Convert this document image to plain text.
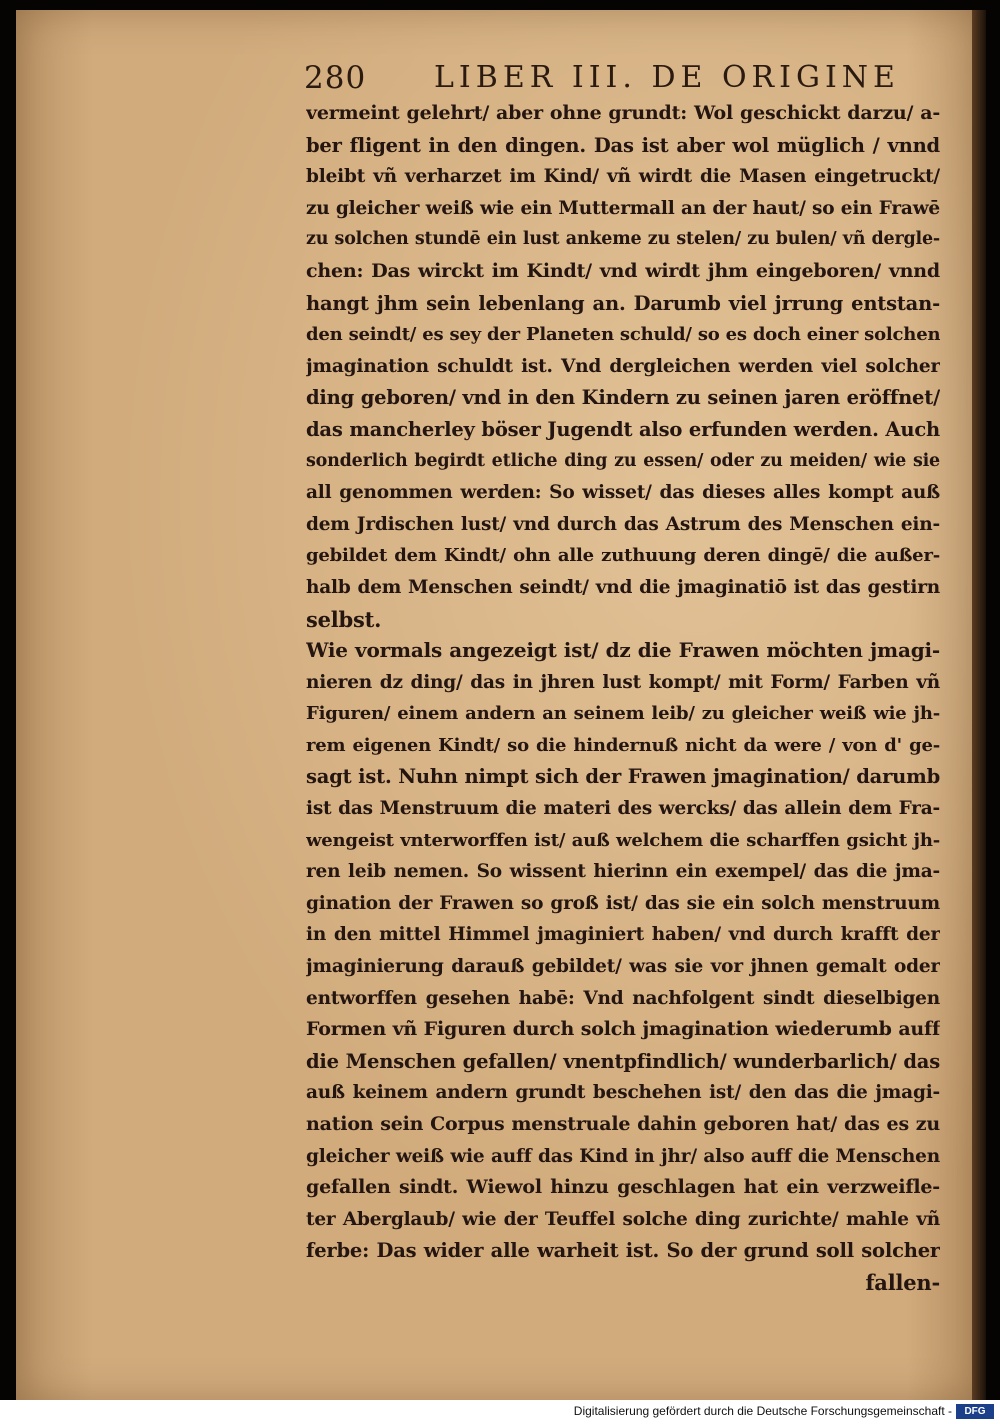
280 LIBER III. DE ORIGINE
vermeint gelehrt/ aber ohne grundt: Wol geschickt darzu/ a-
ber fligent in den dingen. Das ist aber wol müglich / vnnd
bleibt vñ verharzet im Kind/ vñ wirdt die Masen eingetruckt/
zu gleicher weiß wie ein Muttermall an der haut/ so ein Frawē
zu solchen stundē ein lust ankeme zu stelen/ zu bulen/ vñ dergle-
chen: Das wirckt im Kindt/ vnd wirdt jhm eingeboren/ vnnd
hangt jhm sein lebenlang an. Darumb viel jrrung entstan-
den seindt/ es sey der Planeten schuld/ so es doch einer solchen
jmagination schuldt ist. Vnd dergleichen werden viel solcher
ding geboren/ vnd in den Kindern zu seinen jaren eröffnet/
das mancherley böser Jugendt also erfunden werden. Auch
sonderlich begirdt etliche ding zu essen/ oder zu meiden/ wie sie
all genommen werden: So wisset/ das dieses alles kompt auß
dem Jrdischen lust/ vnd durch das Astrum des Menschen ein-
gebildet dem Kindt/ ohn alle zuthuung deren dingē/ die außer-
halb dem Menschen seindt/ vnd die jmaginatiō ist das gestirn
selbst.
Wie vormals angezeigt ist/ dz die Frawen möchten jmagi-
nieren dz ding/ das in jhren lust kompt/ mit Form/ Farben vñ
Figuren/ einem andern an seinem leib/ zu gleicher weiß wie jh-
rem eigenen Kindt/ so die hindernuß nicht da were / von d' ge-
sagt ist. Nuhn nimpt sich der Frawen jmagination/ darumb
ist das Menstruum die materi des wercks/ das allein dem Fra-
wengeist vnterworffen ist/ auß welchem die scharffen gsicht jh-
ren leib nemen. So wissent hierinn ein exempel/ das die jma-
gination der Frawen so groß ist/ das sie ein solch menstruum
in den mittel Himmel jmaginiert haben/ vnd durch krafft der
jmaginierung darauß gebildet/ was sie vor jhnen gemalt oder
entworffen gesehen habē: Vnd nachfolgent sindt dieselbigen
Formen vñ Figuren durch solch jmagination wiederumb auff
die Menschen gefallen/ vnentpfindlich/ wunderbarlich/ das
auß keinem andern grundt beschehen ist/ den das die jmagi-
nation sein Corpus menstruale dahin geboren hat/ das es zu
gleicher weiß wie auff das Kind in jhr/ also auff die Menschen
gefallen sindt. Wiewol hinzu geschlagen hat ein verzweifle-
ter Aberglaub/ wie der Teuffel solche ding zurichte/ mahle vñ
ferbe: Das wider alle warheit ist. So der grund soll solcher
fallen-
Digitalisierung gefördert durch die Deutsche Forschungsgemeinschaft -	DFG
